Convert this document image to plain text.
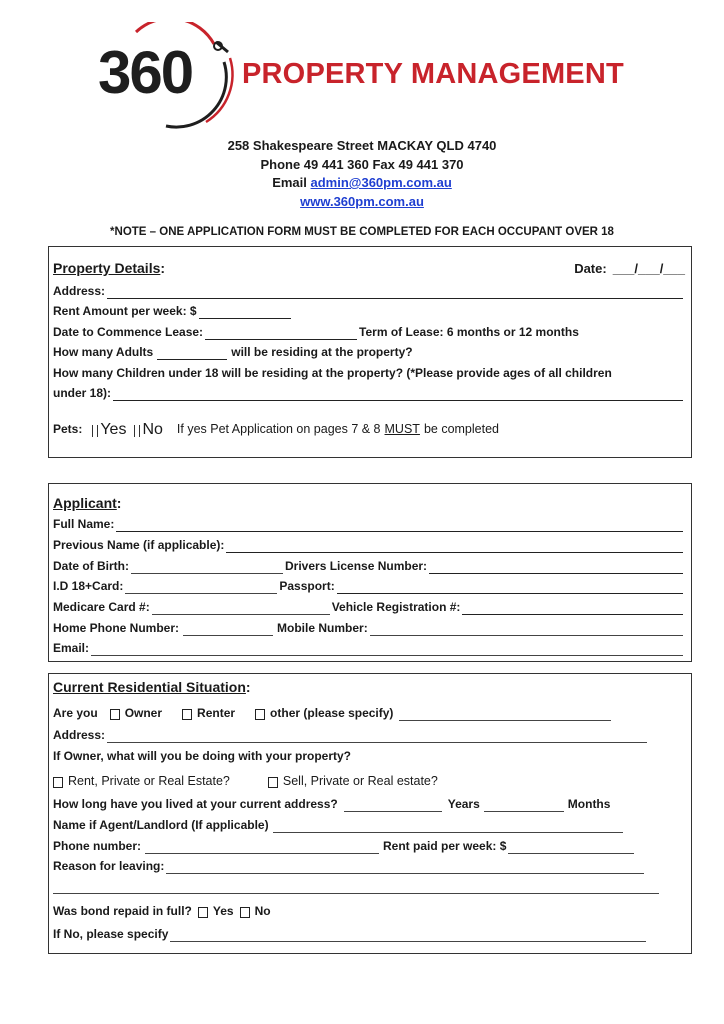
360 PROPERTY MANAGEMENT
258 Shakespeare Street MACKAY QLD 4740
Phone 49 441 360 Fax 49 441 370
Email admin@360pm.com.au
www.360pm.com.au
*NOTE – ONE APPLICATION FORM MUST BE COMPLETED FOR EACH OCCUPANT OVER 18
Property Details :	Date: ___/___/___
Address:
Rent Amount per week: $
Date to Commence Lease:	Term of Lease: 6 months or 12 months
How many Adults	will be residing at the property?
How many Children under 18 will be residing at the property? (*Please provide ages of all children
under 18):
Pets: Yes No If yes Pet Application on pages 7 & 8 MUST be completed
Applicant :
Full Name:
Previous Name (if applicable):
Date of Birth:	Drivers License Number:
I.D 18+Card:	Passport:
Medicare Card #:	Vehicle Registration #:
Home Phone Number:	Mobile Number:
Email:
Current Residential Situation :
Are you Owner	Renter	other (please specify)
Address:
If Owner, what will you be doing with your property?
Rent, Private or Real Estate?	Sell, Private or Real estate?
How long have you lived at your current address?	Years	Months
Name if Agent/Landlord (If applicable)
Phone number:	Rent paid per week: $
Reason for leaving:
Was bond repaid in full? Yes No
If No, please specify
